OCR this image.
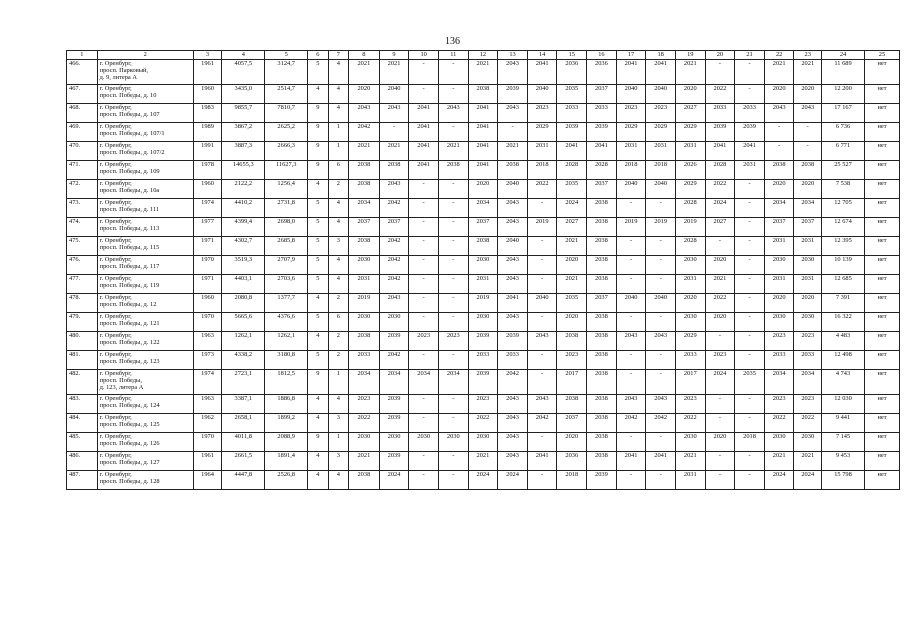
136
1	2	3	4	5	6	7	8	9	10	11	12	13	14	15	16	17	18	19	20	21	22	23	24	25
466.	г. Оренбург,
просп. Парковый,
д. 9, литера А	1961	4057,5	3124,7	5	4	2021	2021	-	-	2021	2043	2041	2036	2036	2041	2041	2021	-	-	2021	2021	11 689	нет
467.	г. Оренбург,
просп. Победы, д. 10	1960	3435,0	2514,7	4	4	2020	2040	-	-	2038	2039	2040	2035	2037	2040	2040	2020	2022	-	2020	2020	12 200	нет
468.	г. Оренбург,
просп. Победы, д. 107	1983	9855,7	7810,7	9	4	2043	2043	2041	2043	2041	2043	2023	2033	2033	2023	2023	2027	2033	2033	2043	2043	17 167	нет
469.	г. Оренбург,
просп. Победы, д. 107/1	1989	3867,2	2625,2	9	1	2042	-	2041	-	2041	-	2029	2039	2039	2029	2029	2029	2039	2039	-	-	6 736	нет
470.	г. Оренбург,
просп. Победы, д. 107/2	1991	3887,3	2666,3	9	1	2021	2021	2041	2021	2041	2021	2031	2041	2041	2031	2031	2031	2041	2041	-	-	6 771	нет
471.	г. Оренбург,
просп. Победы, д. 109	1978	14655,3	11627,3	9	6	2038	2038	2041	2038	2041	2038	2018	2028	2028	2018	2018	2026	2028	2031	2038	2038	25 527	нет
472.	г. Оренбург,
просп. Победы, д. 10а	1960	2122,2	1256,4	4	2	2038	2043	-	-	2020	2040	2022	2035	2037	2040	2040	2029	2022	-	2020	2020	7 538	нет
473.	г. Оренбург,
просп. Победы, д. 111	1974	4410,2	2731,8	5	4	2034	2042	-	-	2034	2043	-	2024	2038	-	-	2028	2024	-	2034	2034	12 705	нет
474.	г. Оренбург,
просп. Победы, д. 113	1977	4399,4	2698,0	5	4	2037	2037	-	-	2037	2043	2019	2027	2038	2019	2019	2019	2027	-	2037	2037	12 674	нет
475.	г. Оренбург,
просп. Победы, д. 115	1971	4302,7	2685,8	5	3	2038	2042	-	-	2038	2040	-	2021	2038	-	-	2028	-	-	2031	2031	12 395	нет
476.	г. Оренбург,
просп. Победы, д. 117	1970	3519,3	2707,9	5	4	2030	2042	-	-	2030	2043	-	2020	2038	-	-	2030	2020	-	2030	2030	10 139	нет
477.	г. Оренбург,
просп. Победы, д. 119	1971	4403,1	2703,6	5	4	2031	2042	-	-	2031	2043	-	2021	2038	-	-	2031	2021	-	2031	2031	12 685	нет
478.	г. Оренбург,
просп. Победы, д. 12	1960	2080,8	1377,7	4	2	2019	2043	-	-	2019	2041	2040	2035	2037	2040	2040	2020	2022	-	2020	2020	7 391	нет
479.	г. Оренбург,
просп. Победы, д. 121	1970	5665,6	4376,6	5	6	2030	2030	-	-	2030	2043	-	2020	2038	-	-	2030	2020	-	2030	2030	16 322	нет
480.	г. Оренбург,
просп. Победы, д. 122	1963	1262,1	1262,1	4	2	2038	2039	2023	2023	2039	2039	2043	2038	2038	2043	2043	2029	-	-	2023	2023	4 483	нет
481.	г. Оренбург,
просп. Победы, д. 123	1973	4338,2	3180,8	5	2	2033	2042	-	-	2033	2033	-	2023	2038	-	-	2033	2023	-	2033	2033	12 498	нет
482.	г. Оренбург,
просп. Победы,
д. 123, литера А	1974	2723,1	1812,5	9	1	2034	2034	2034	2034	2039	2042	-	2017	2038	-	-	2017	2024	2035	2034	2034	4 743	нет
483.	г. Оренбург,
просп. Победы, д. 124	1963	3387,1	1886,8	4	4	2023	2039	-	-	2023	2043	2043	2038	2038	2043	2043	2023	-	-	2023	2023	12 030	нет
484.	г. Оренбург,
просп. Победы, д. 125	1962	2658,1	1899,2	4	3	2022	2039	-	-	2022	2043	2042	2037	2038	2042	2042	2022	-	-	2022	2022	9 441	нет
485.	г. Оренбург,
просп. Победы, д. 126	1970	4011,8	2088,9	9	1	2030	2030	2030	2030	2030	2043	-	2020	2038	-	-	2030	2020	2018	2030	2030	7 145	нет
486.	г. Оренбург,
просп. Победы, д. 127	1961	2661,5	1891,4	4	3	2021	2039	-	-	2021	2043	2041	2036	2038	2041	2041	2021	-	-	2021	2021	9 453	нет
487.	г. Оренбург,
просп. Победы, д. 128	1964	4447,8	2526,8	4	4	2038	2024	-	-	2024	2024	-	2018	2039	-	-	2031	-	-	2024	2024	15 798	нет
